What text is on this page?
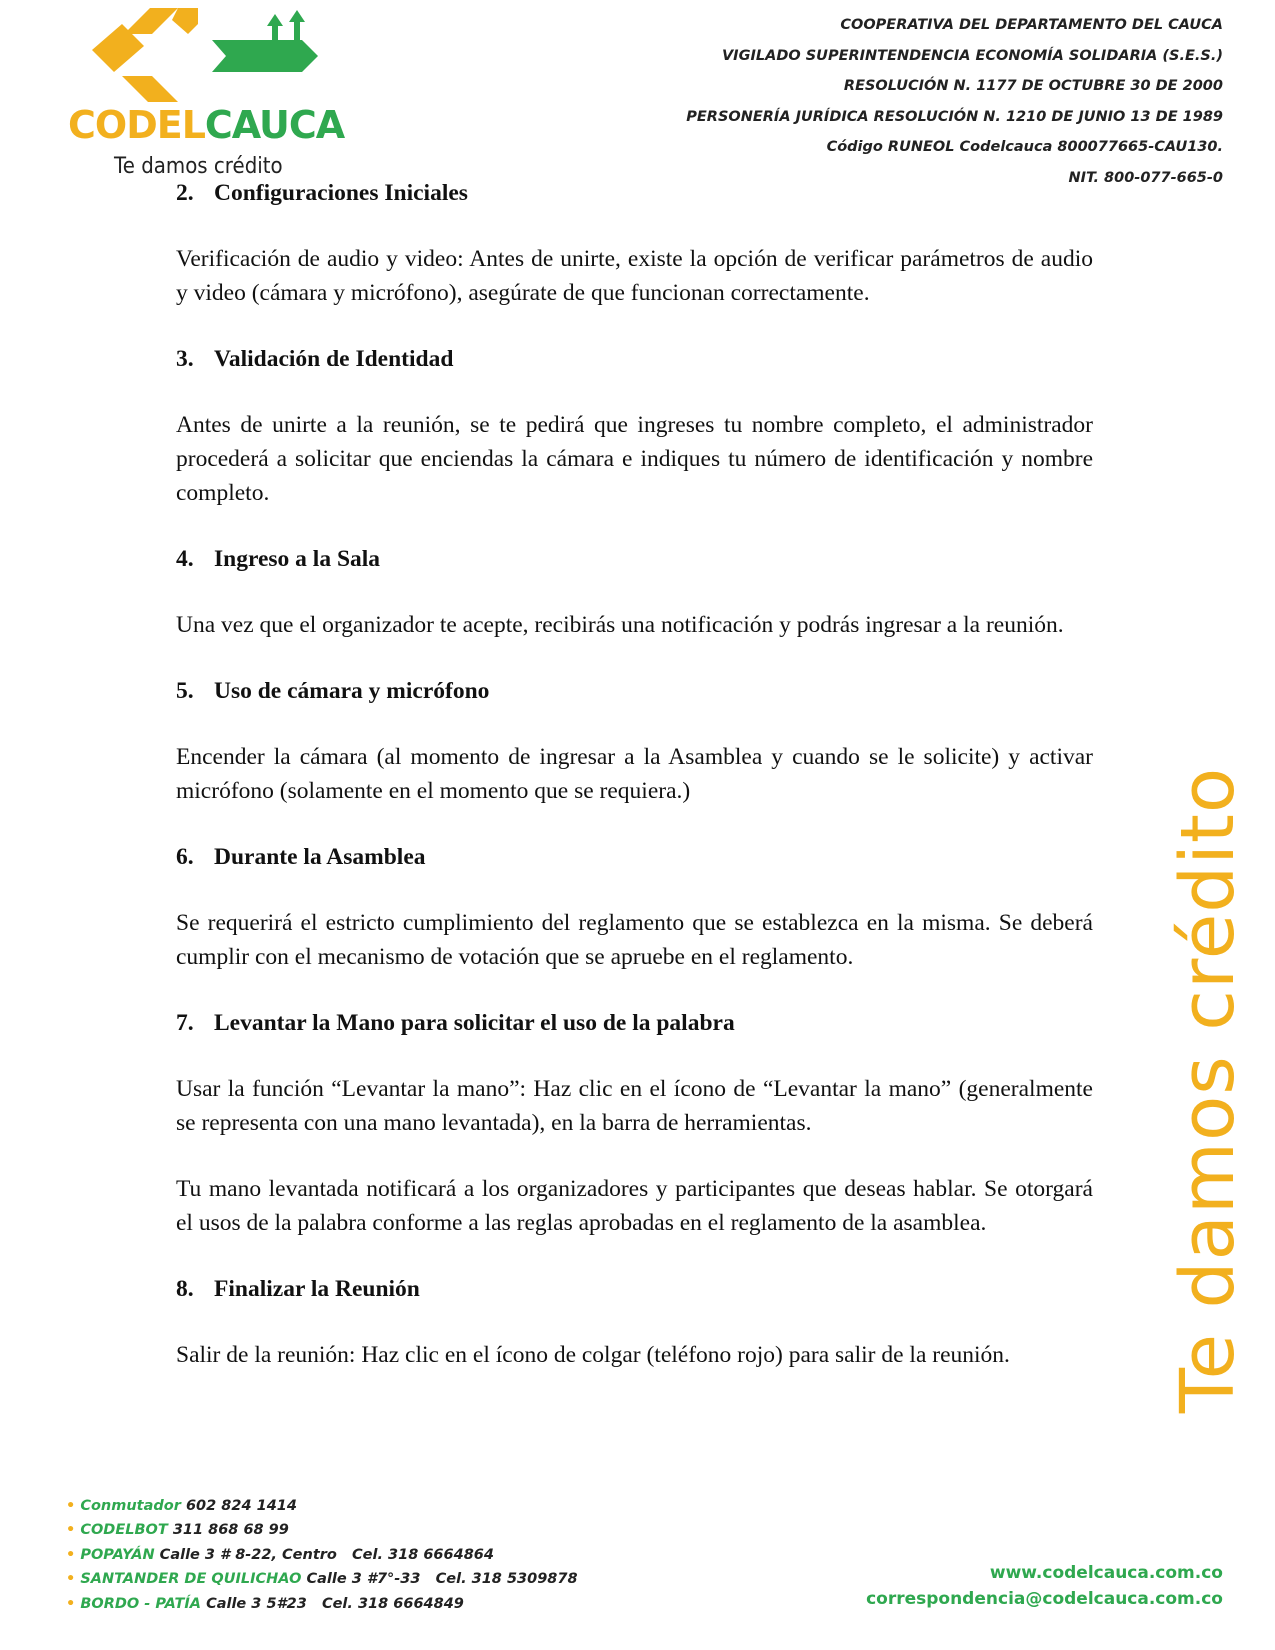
CODELCAUCA
Te damos crédito
COOPERATIVA DEL DEPARTAMENTO DEL CAUCA
VIGILADO SUPERINTENDENCIA ECONOMÍA SOLIDARIA (S.E.S.)
RESOLUCIÓN N. 1177 DE OCTUBRE 30 DE 2000
PERSONERÍA JURÍDICA RESOLUCIÓN N. 1210 DE JUNIO 13 DE 1989
Código RUNEOL Codelcauca 800077665-CAU130.
NIT. 800-077-665-0
2. Configuraciones Iniciales

Verificación de audio y video: Antes de unirte, existe la opción de verificar parámetros de audio y video (cámara y micrófono), asegúrate de que funcionan correctamente.

3. Validación de Identidad

Antes de unirte a la reunión, se te pedirá que ingreses tu nombre completo, el administrador procederá a solicitar que enciendas la cámara e indiques tu número de identificación y nombre completo.

4. Ingreso a la Sala

Una vez que el organizador te acepte, recibirás una notificación y podrás ingresar a la reunión.

5. Uso de cámara y micrófono

Encender la cámara (al momento de ingresar a la Asamblea y cuando se le solicite) y activar micrófono (solamente en el momento que se requiera.)

6. Durante la Asamblea

Se requerirá el estricto cumplimiento del reglamento que se establezca en la misma. Se deberá cumplir con el mecanismo de votación que se apruebe en el reglamento.

7. Levantar la Mano para solicitar el uso de la palabra

Usar la función “Levantar la mano”: Haz clic en el ícono de “Levantar la mano” (generalmente se representa con una mano levantada), en la barra de herramientas.

Tu mano levantada notificará a los organizadores y participantes que deseas hablar. Se otorgará el usos de la palabra conforme a las reglas aprobadas en el reglamento de la asamblea.

8. Finalizar la Reunión

Salir de la reunión: Haz clic en el ícono de colgar (teléfono rojo) para salir de la reunión.	Te damos crédito
• Conmutador 602 824 1414
• CODELBOT 311 868 68 99
• POPAYÁN Calle 3 # 8-22, Centro   Cel. 318 6664864
• SANTANDER DE QUILICHAO Calle 3 #7°-33   Cel. 318 5309878
• BORDO - PATÍA Calle 3 5#23   Cel. 318 6664849
www.codelcauca.com.co
correspondencia@codelcauca.com.co
